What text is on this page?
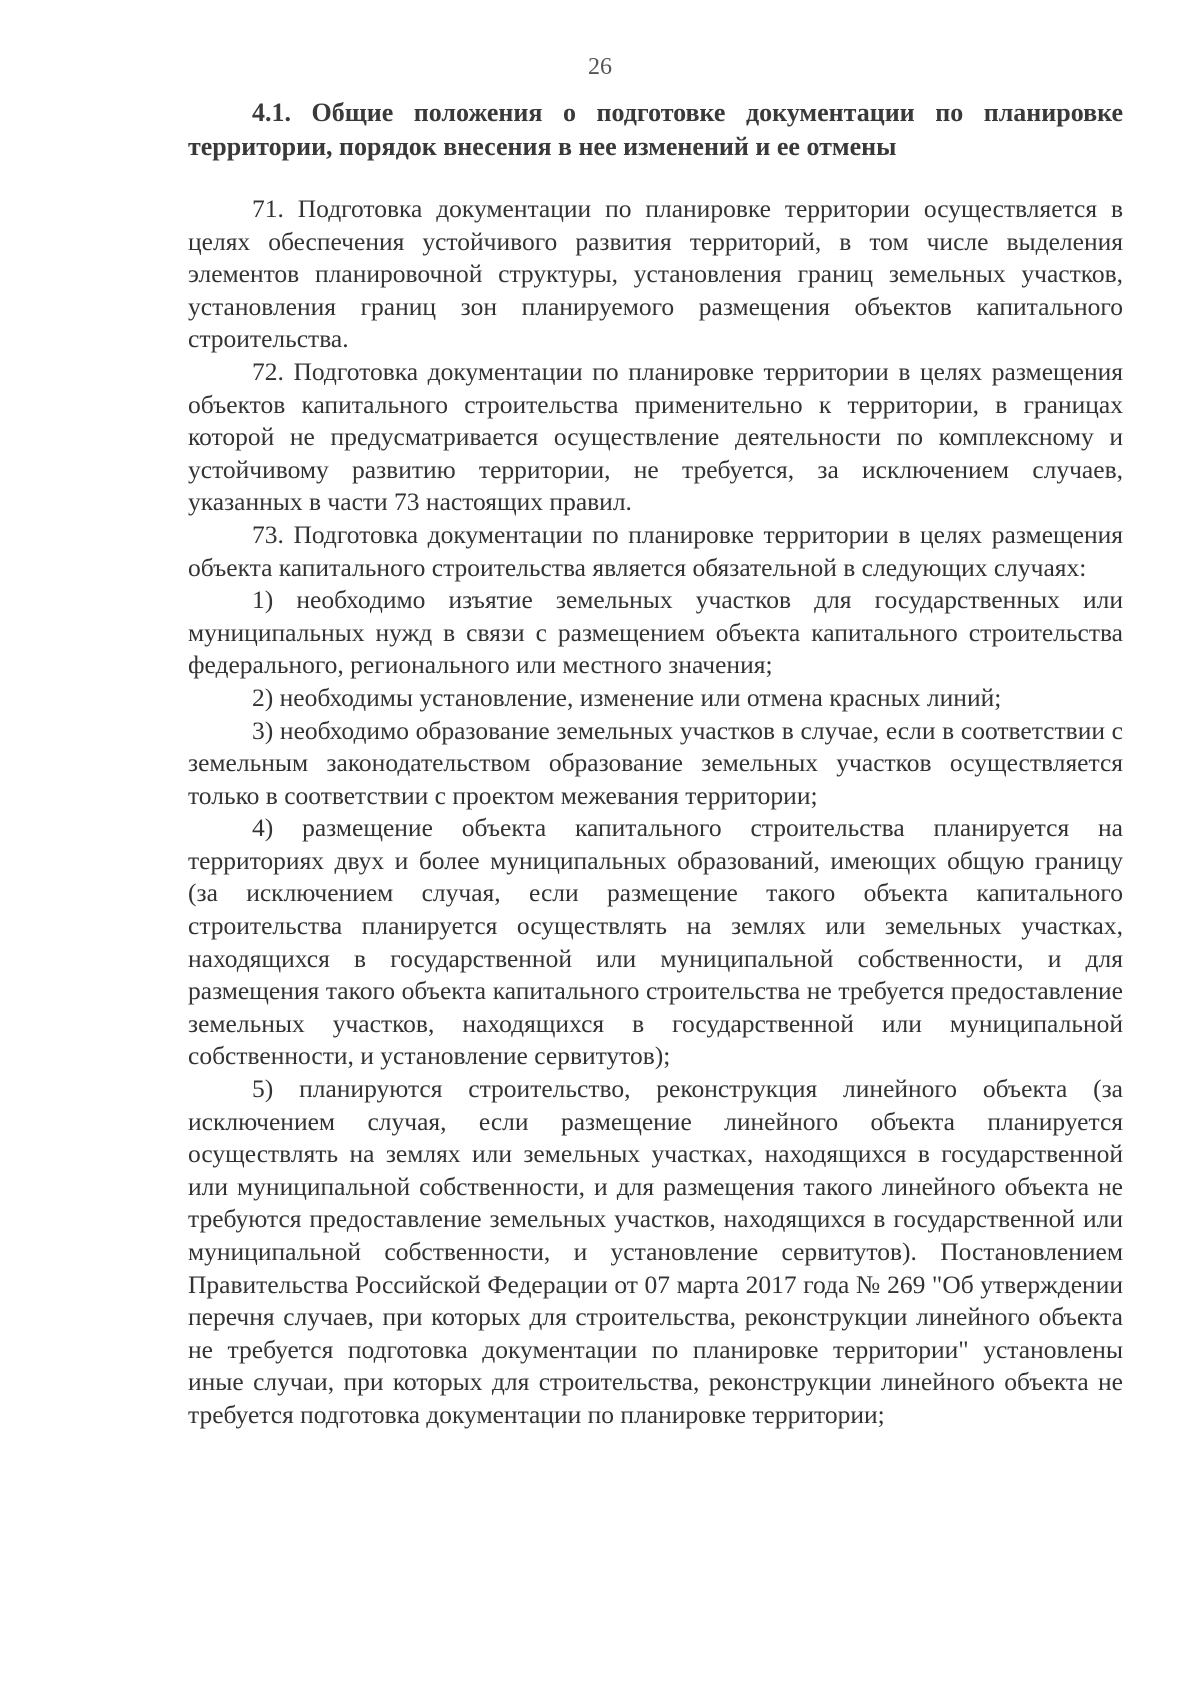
26
4.1. Общие положения о подготовке документации по планировке территории, порядок внесения в нее изменений и ее отмены

71. Подготовка документации по планировке территории осуществляется в целях обеспечения устойчивого развития территорий, в том числе выделения элементов планировочной структуры, установления границ земельных участков, установления границ зон планируемого размещения объектов капитального строительства.

72. Подготовка документации по планировке территории в целях размещения объектов капитального строительства применительно к территории, в границах которой не предусматривается осуществление деятельности по комплексному и устойчивому развитию территории, не требуется, за исключением случаев, указанных в части 73 настоящих правил.

73. Подготовка документации по планировке территории в целях размещения объекта капитального строительства является обязательной в следующих случаях:

1) необходимо изъятие земельных участков для государственных или муниципальных нужд в связи с размещением объекта капитального строительства федерального, регионального или местного значения;

2) необходимы установление, изменение или отмена красных линий;

3) необходимо образование земельных участков в случае, если в соответствии с земельным законодательством образование земельных участков осуществляется только в соответствии с проектом межевания территории;

4) размещение объекта капитального строительства планируется на территориях двух и более муниципальных образований, имеющих общую границу (за исключением случая, если размещение такого объекта капитального строительства планируется осуществлять на землях или земельных участках, находящихся в государственной или муниципальной собственности, и для размещения такого объекта капитального строительства не требуется предоставление земельных участков, находящихся в государственной или муниципальной собственности, и установление сервитутов);

5) планируются строительство, реконструкция линейного объекта (за исключением случая, если размещение линейного объекта планируется осуществлять на землях или земельных участках, находящихся в государственной или муниципальной собственности, и для размещения такого линейного объекта не требуются предоставление земельных участков, находящихся в государственной или муниципальной собственности, и установление сервитутов). Постановлением Правительства Российской Федерации от 07 марта 2017 года № 269 "Об утверждении перечня случаев, при которых для строительства, реконструкции линейного объекта не требуется подготовка документации по планировке территории" установлены иные случаи, при которых для строительства, реконструкции линейного объекта не требуется подготовка документации по планировке территории;
